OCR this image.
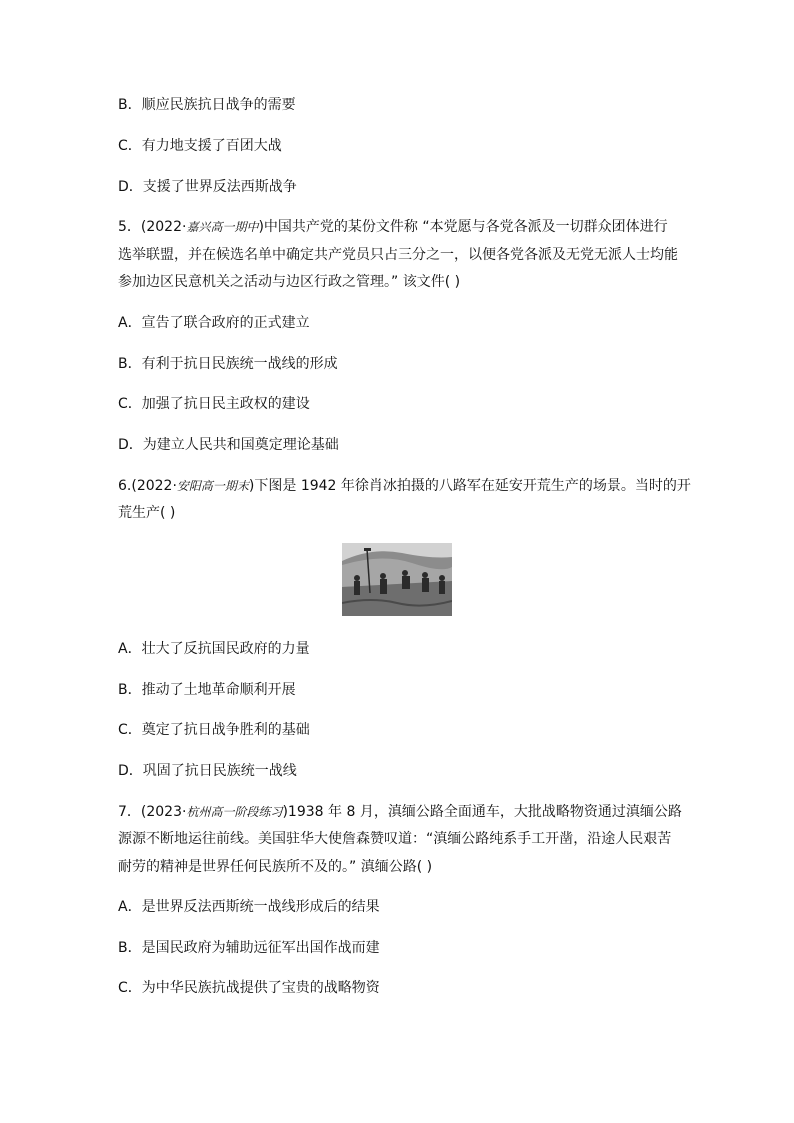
B．顺应民族抗日战争的需要
C．有力地支援了百团大战
D．支援了世界反法西斯战争
5．(2022·嘉兴高一期中)中国共产党的某份文件称 “本党愿与各党各派及一切群众团体进行
选举联盟，并在候选名单中确定共产党员只占三分之一，以便各党各派及无党无派人士均能
参加边区民意机关之活动与边区行政之管理。” 该文件( )
A．宣告了联合政府的正式建立
B．有利于抗日民族统一战线的形成
C．加强了抗日民主政权的建设
D．为建立人民共和国奠定理论基础
6.(2022·安阳高一期末)下图是 1942 年徐肖冰拍摄的八路军在延安开荒生产的场景。当时的开
荒生产( )
A．壮大了反抗国民政府的力量
B．推动了土地革命顺利开展
C．奠定了抗日战争胜利的基础
D．巩固了抗日民族统一战线
7．(2023·杭州高一阶段练习)1938 年 8 月，滇缅公路全面通车，大批战略物资通过滇缅公路
源源不断地运往前线。美国驻华大使詹森赞叹道：“滇缅公路纯系手工开凿，沿途人民艰苦
耐劳的精神是世界任何民族所不及的。” 滇缅公路( )
A．是世界反法西斯统一战线形成后的结果
B．是国民政府为辅助远征军出国作战而建
C．为中华民族抗战提供了宝贵的战略物资
